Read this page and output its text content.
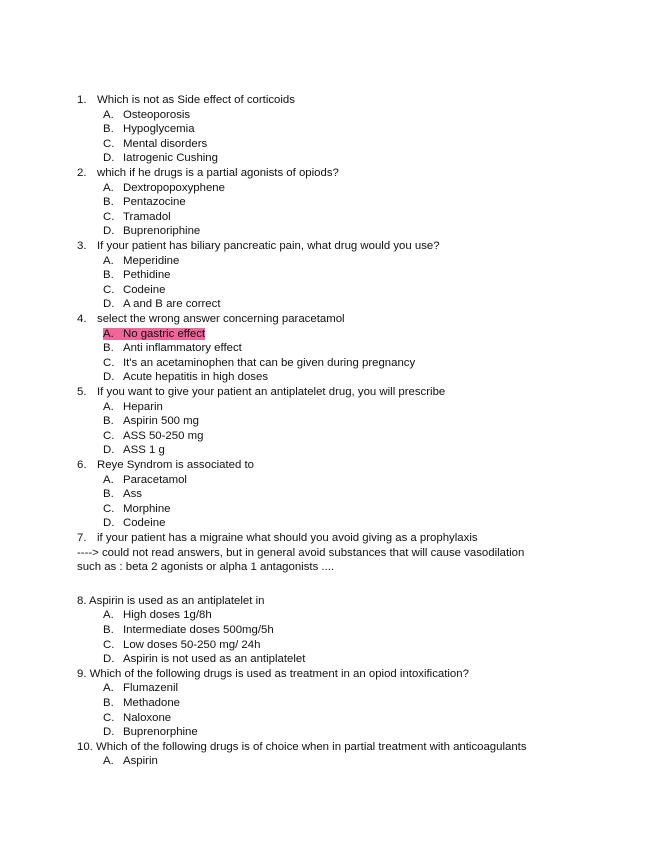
1. Which is not as Side effect of corticoids
A. Osteoporosis
B. Hypoglycemia
C. Mental disorders
D. Iatrogenic Cushing
2. which if he drugs is a partial agonists of opiods?
A. Dextropopoxyphene
B. Pentazocine
C. Tramadol
D. Buprenoriphine
3. If your patient has biliary pancreatic pain, what drug would you use?
A. Meperidine
B. Pethidine
C. Codeine
D. A and B are correct
4. select the wrong answer concerning paracetamol
A. No gastric effect
B. Anti inflammatory effect
C. It's an acetaminophen that can be given during pregnancy
D. Acute hepatitis in high doses
5. If you want to give your patient an antiplatelet drug, you will prescribe
A. Heparin
B. Aspirin 500 mg
C. ASS 50-250 mg
D. ASS 1 g
6. Reye Syndrom is associated to
A. Paracetamol
B. Ass
C. Morphine
D. Codeine
7. if your patient has a migraine what should you avoid giving as a prophylaxis
----> could not read answers, but in general avoid substances that will cause vasodilation
such as : beta 2 agonists or alpha 1 antagonists ....
8. Aspirin is used as an antiplatelet in
A. High doses 1g/8h
B. Intermediate doses 500mg/5h
C. Low doses 50-250 mg/ 24h
D. Aspirin is not used as an antiplatelet
9. Which of the following drugs is used as treatment in an opiod intoxification?
A. Flumazenil
B. Methadone
C. Naloxone
D. Buprenorphine
10. Which of the following drugs is of choice when in partial treatment with anticoagulants
A. Aspirin
